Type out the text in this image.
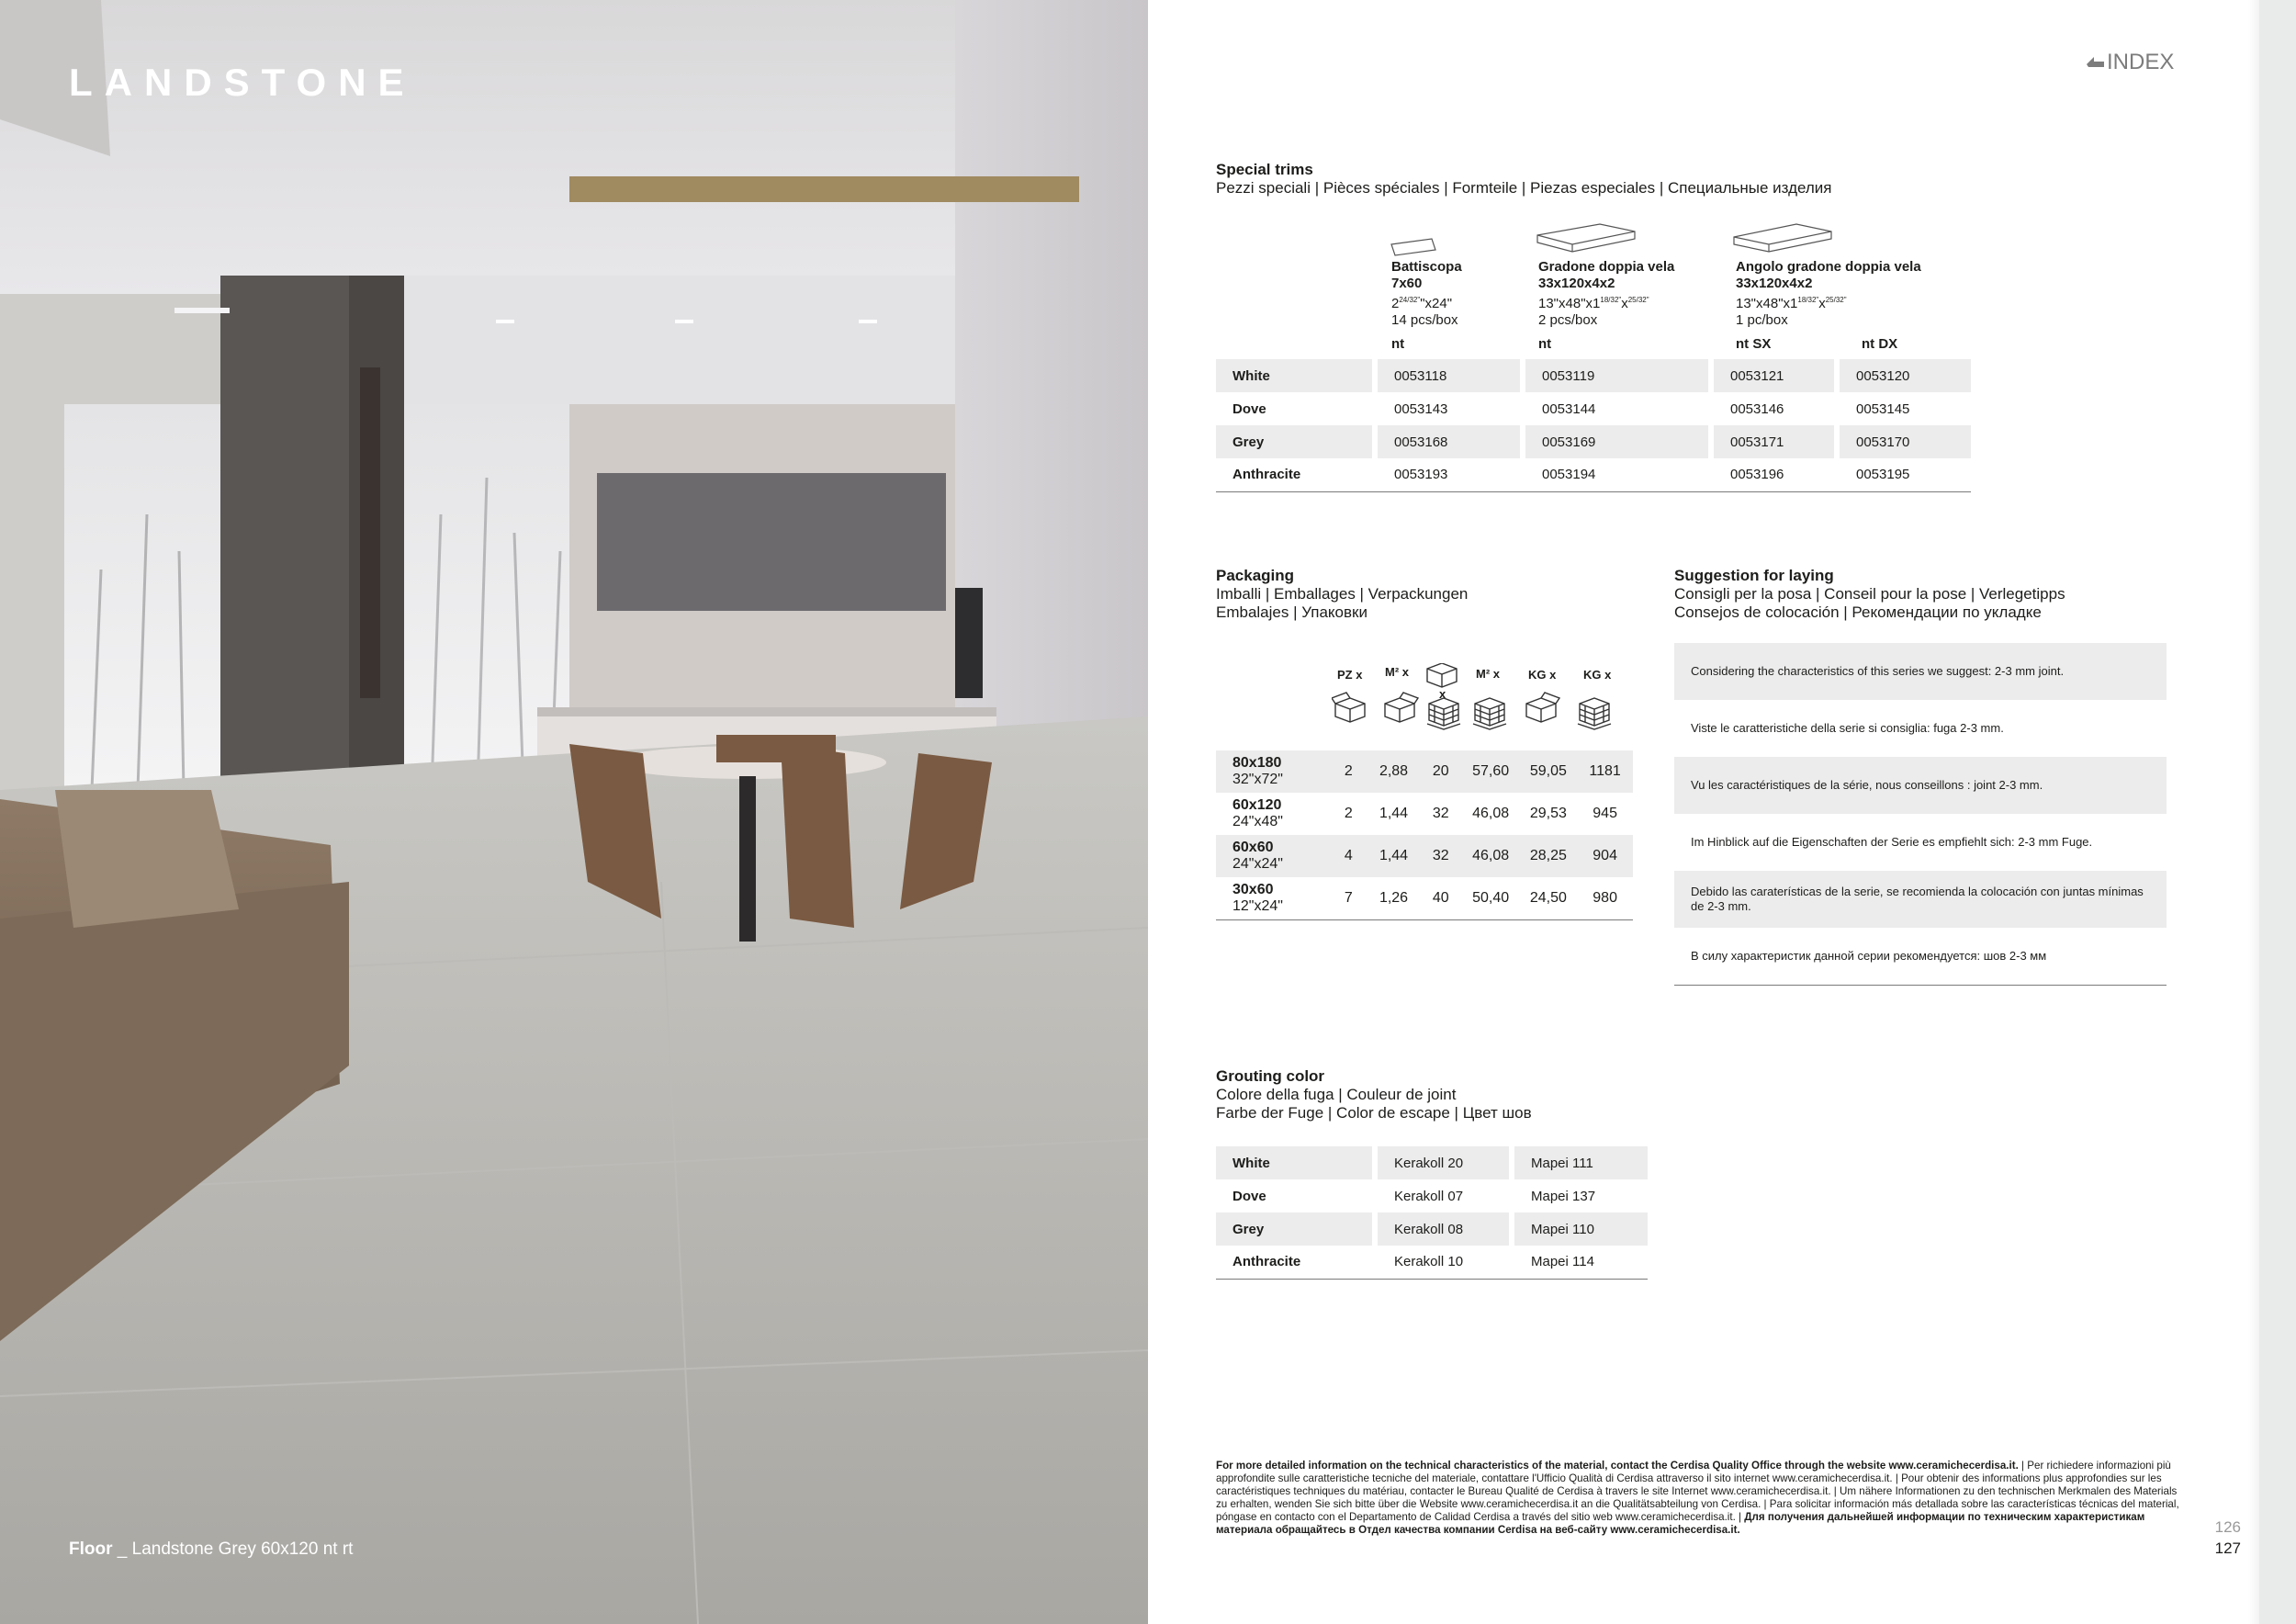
LANDSTONE
Floor _ Landstone Grey 60x120 nt rt
INDEX
Special trims
Pezzi speciali | Pièces spéciales | Formteile | Piezas especiales | Специальные изделия
Battiscopa
7x60
$2^{24/32"}"x24$"
14 pcs/box
nt
Gradone doppia vela
33x120x4x2
$13"x48"x1^{18/32"}x^{25/32"}$
2 pcs/box
nt
Angolo gradone doppia vela
33x120x4x2
$13"x48"x1^{18/32"}x^{25/32"}$
1 pc/box
nt SX	nt DX
White		0053118		0053119		0053121		0053120
Dove		0053143		0053144		0053146		0053145
Grey		0053168		0053169		0053171		0053170
Anthracite		0053193		0053194		0053196		0053195
Packaging
Imballi | Emballages | Verpackungen
Embalajes | Упаковки
PZ x M² x
x
M² x KG x KG x
80x180
32"x72"	2	2,88	20	57,60	59,05	1181

60x120
24"x48"	2	1,44	32	46,08	29,53	945

60x60
24"x24"	4	1,44	32	46,08	28,25	904

30x60
12"x24"	7	1,26	40	50,40	24,50	980
Suggestion for laying
Consigli per la posa | Conseil pour la pose | Verlegetipps
Consejos de colocación | Рекомендации по укладке
Considering the characteristics of this series we suggest: 2-3 mm joint.
Viste le caratteristiche della serie si consiglia: fuga 2-3 mm.
Vu les caractéristiques de la série, nous conseillons : joint 2-3 mm.
Im Hinblick auf die Eigenschaften der Serie es empfiehlt sich: 2-3 mm Fuge.
Debido las caraterísticas de la serie, se recomienda la colocación con juntas mínimas de 2-3 mm.
В силу характеристик данной серии рекомендуется: шов 2-3 мм
Grouting color
Colore della fuga | Couleur de joint
Farbe der Fuge | Color de escape | Цвет шов
White		Kerakoll 20		Mapei 111
Dove		Kerakoll 07		Mapei 137
Grey		Kerakoll 08		Mapei 110
Anthracite		Kerakoll 10		Mapei 114
For more detailed information on the technical characteristics of the material, contact the Cerdisa Quality Office through the website www.ceramichecerdisa.it. | Per richiedere informazioni più approfondite sulle caratteristiche tecniche del materiale, contattare l'Ufficio Qualità di Cerdisa attraverso il sito internet www.ceramichecerdisa.it. | Pour obtenir des informations plus approfondies sur les caractéristiques techniques du matériau, contacter le Bureau Qualité de Cerdisa à travers le site Internet www.ceramichecerdisa.it. | Um nähere Informationen zu den technischen Merkmalen des Materials zu erhalten, wenden Sie sich bitte über die Website www.ceramichecerdisa.it an die Qualitätsabteilung von Cerdisa. | Para solicitar información más detallada sobre las características técnicas del material, póngase en contacto con el Departamento de Calidad Cerdisa a través del sitio web www.ceramichecerdisa.it. | Для получения дальнейшей информации по техническим характеристикам материала обращайтесь в Отдел качества компании Cerdisa на веб-сайту www.ceramichecerdisa.it.	126
127
